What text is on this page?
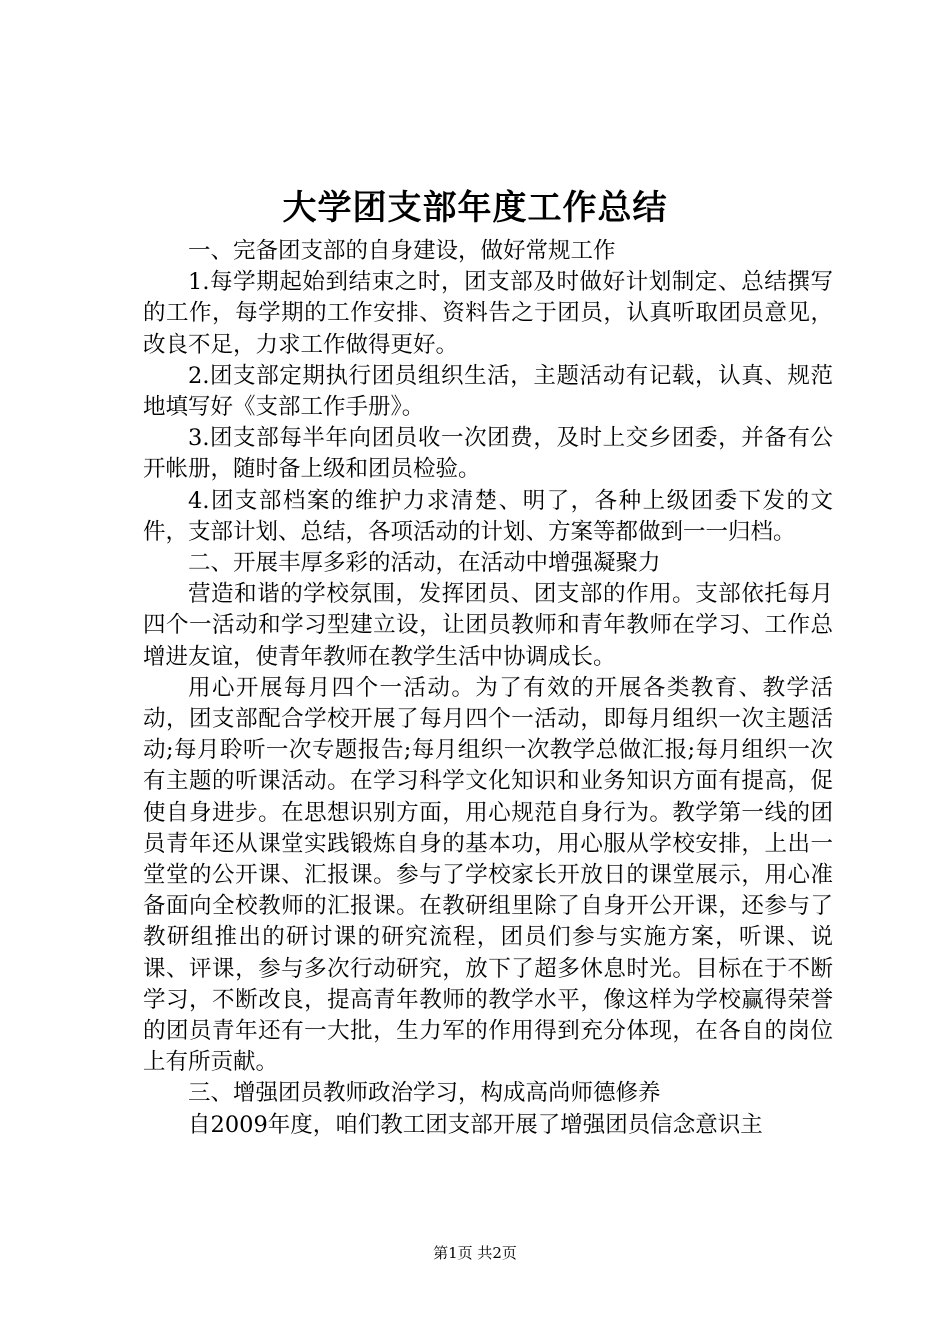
大学团支部年度工作总结

一、完备团支部的自身建设，做好常规工作

1.每学期起始到结束之时，团支部及时做好计划制定、总结撰写的工作，每学期的工作安排、资料告之于团员，认真听取团员意见，改良不足，力求工作做得更好。

2.团支部定期执行团员组织生活，主题活动有记载，认真、规范地填写好《支部工作手册》。

3.团支部每半年向团员收一次团费，及时上交乡团委，并备有公开帐册，随时备上级和团员检验。

4.团支部档案的维护力求清楚、明了，各种上级团委下发的文件，支部计划、总结，各项活动的计划、方案等都做到一一归档。

二、开展丰厚多彩的活动，在活动中增强凝聚力

营造和谐的学校氛围，发挥团员、团支部的作用。支部依托每月四个一活动和学习型建立设，让团员教师和青年教师在学习、工作总增进友谊，使青年教师在教学生活中协调成长。

用心开展每月四个一活动。为了有效的开展各类教育、教学活动，团支部配合学校开展了每月四个一活动，即每月组织一次主题活动;每月聆听一次专题报告;每月组织一次教学总做汇报;每月组织一次有主题的听课活动。在学习科学文化知识和业务知识方面有提高，促使自身进步。在思想识别方面，用心规范自身行为。教学第一线的团员青年还从课堂实践锻炼自身的基本功，用心服从学校安排，上出一堂堂的公开课、汇报课。参与了学校家长开放日的课堂展示，用心准备面向全校教师的汇报课。在教研组里除了自身开公开课，还参与了教研组推出的研讨课的研究流程，团员们参与实施方案，听课、说课、评课，参与多次行动研究，放下了超多休息时光。目标在于不断学习，不断改良，提高青年教师的教学水平，像这样为学校赢得荣誉的团员青年还有一大批，生力军的作用得到充分体现，在各自的岗位上有所贡献。

三、增强团员教师政治学习，构成高尚师德修养

自2009年度，咱们教工团支部开展了增强团员信念意识主

第1页 共2页
